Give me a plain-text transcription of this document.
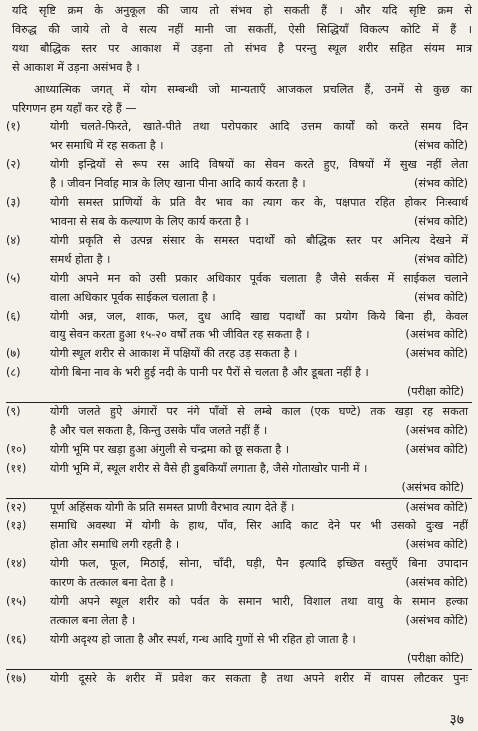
यदि सृष्टि क्रम के अनुकूल की जाय तो संभव हो सकती हैं । और यदि सृष्टि क्रम से
विरुद्ध की जाये तो वे सत्य नहीं मानी जा सकतीं, ऐसी सिद्धियाँ विकल्प कोटि में हैं ।
यथा बौद्धिक स्तर पर आकाश में उड़ना तो संभव है परन्तु स्थूल शरीर सहित संयम मात्र
से आकाश में उड़ना असंभव है ।
आध्यात्मिक जगत् में योग सम्बन्धी जो मान्यताएँ आजकल प्रचलित हैं, उनमें से कुछ का
परिगणन हम यहाँ कर रहे हैं —
(१)	योगी चलते-फिरते, खाते-पीते तथा परोपकार आदि उत्तम कार्यों को करते समय दिन
भर समाधि में रह सकता है ।	(संभव कोटि)
(२)	योगी इन्द्रियों से रूप रस आदि विषयों का सेवन करते हुए, विषयों में सुख नहीं लेता
है । जीवन निर्वाह मात्र के लिए खाना पीना आदि कार्य करता है ।	(संभव कोटि)
(३)	योगी समस्त प्राणियों के प्रति वैर भाव का त्याग कर के, पक्षपात रहित होकर निःस्वार्थ
भावना से सब के कल्याण के लिए कार्य करता है ।	(संभव कोटि)
(४)	योगी प्रकृति से उत्पन्न संसार के समस्त पदार्थों को बौद्धिक स्तर पर अनित्य देखने में
समर्थ होता है ।	(संभव कोटि)
(५)	योगी अपने मन को उसी प्रकार अधिकार पूर्वक चलाता है जैसे सर्कस में साईकल चलाने
वाला अधिकार पूर्वक साईकल चलाता है ।	(संभव कोटि)
(६)	योगी अन्न, जल, शाक, फल, दुध आदि खाद्य पदार्थों का प्रयोग किये बिना ही, केवल
वायु सेवन करता हुआ १५-२० वर्षों तक भी जीवित रह सकता है ।	(असंभव कोटि)
(७)	योगी स्थूल शरीर से आकाश में पक्षियों की तरह उड़ सकता है ।	(असंभव कोटि)
(८)	योगी बिना नाव के भरी हुई नदी के पानी पर पैरों से चलता है और डूबता नहीं है ।
(परीक्षा कोटि)
(९)	योगी जलते हुऐ अंगारों पर नंगे पाँवों से लम्बे काल (एक घण्टे) तक खड़ा रह सकता
है और चल सकता है, किन्तु उसके पाँव जलते नहीं हैं ।	(असंभव कोटि)
(१०)	योगी भूमि पर खड़ा हुआ अंगुली से चन्द्रमा को छू सकता है ।	(असंभव कोटि)
(११)	योगी भूमि में, स्थूल शरीर से वैसे ही डुबकियाँ लगाता है, जैसे गोताखोर पानी में ।
(असंभव कोटि)
(१२)	पूर्ण अहिंसक योगी के प्रति समस्त प्राणी वैरभाव त्याग देते हैं ।	(असंभव कोटि)
(१३)	समाधि अवस्था में योगी के हाथ, पाँव, सिर आदि काट देने पर भी उसको दुःख नहीं
होता और समाधि लगी रहती है ।	(असंभव कोटि)
(१४)	योगी फल, फूल, मिठाई, सोना, चाँदी, घड़ी, पैन इत्यादि इच्छित वस्तुएँ बिना उपादान
कारण के तत्काल बना देता है ।	(असंभव कोटि)
(१५)	योगी अपने स्थूल शरीर को पर्वत के समान भारी, विशाल तथा वायु के समान हल्का
तत्काल बना लेता है ।	(असंभव कोटि)
(१६)	योगी अदृश्य हो जाता है और स्पर्श, गन्ध आदि गुणों से भी रहित हो जाता है ।
(परीक्षा कोटि)
(१७)	योगी दूसरे के शरीर में प्रवेश कर सकता है तथा अपने शरीर में वापस लौटकर पुनः
३७
